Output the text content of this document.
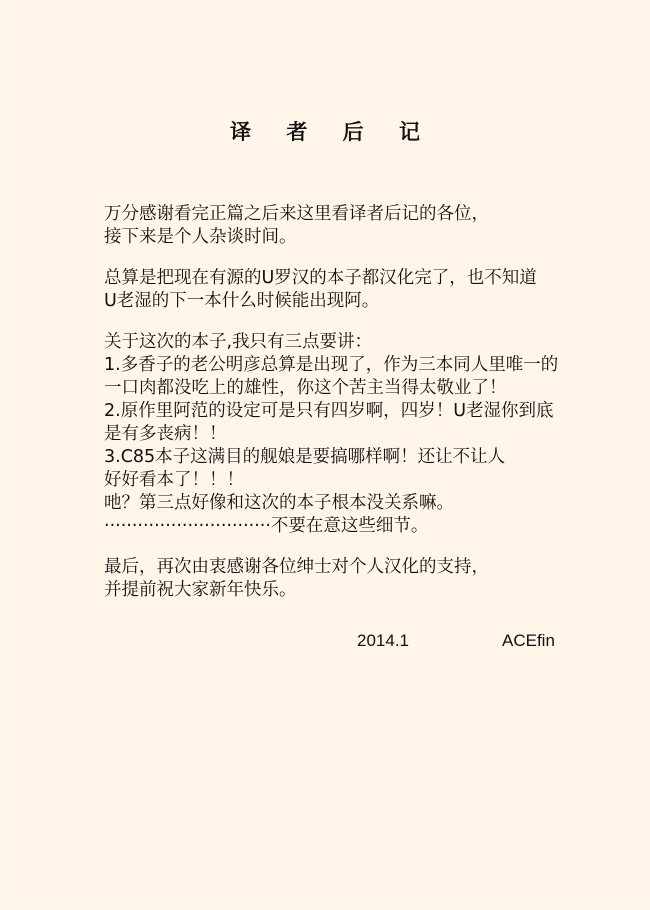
译 者 后 记
万分感谢看完正篇之后来这里看译者后记的各位，
接下来是个人杂谈时间。
总算是把现在有源的U罗汉的本子都汉化完了，也不知道
U老湿的下一本什么时候能出现阿。
关于这次的本子,我只有三点要讲：
1.多香子的老公明彦总算是出现了，作为三本同人里唯一的
一口肉都没吃上的雄性，你这个苦主当得太敬业了！
2.原作里阿范的设定可是只有四岁啊，四岁！U老湿你到底
是有多丧病！！
3.C85本子这满目的舰娘是要搞哪样啊！还让不让人
好好看本了！！！
吔？第三点好像和这次的本子根本没关系嘛。
······························不要在意这些细节。
最后，再次由衷感谢各位绅士对个人汉化的支持，
并提前祝大家新年快乐。
2014.1	ACEfin
